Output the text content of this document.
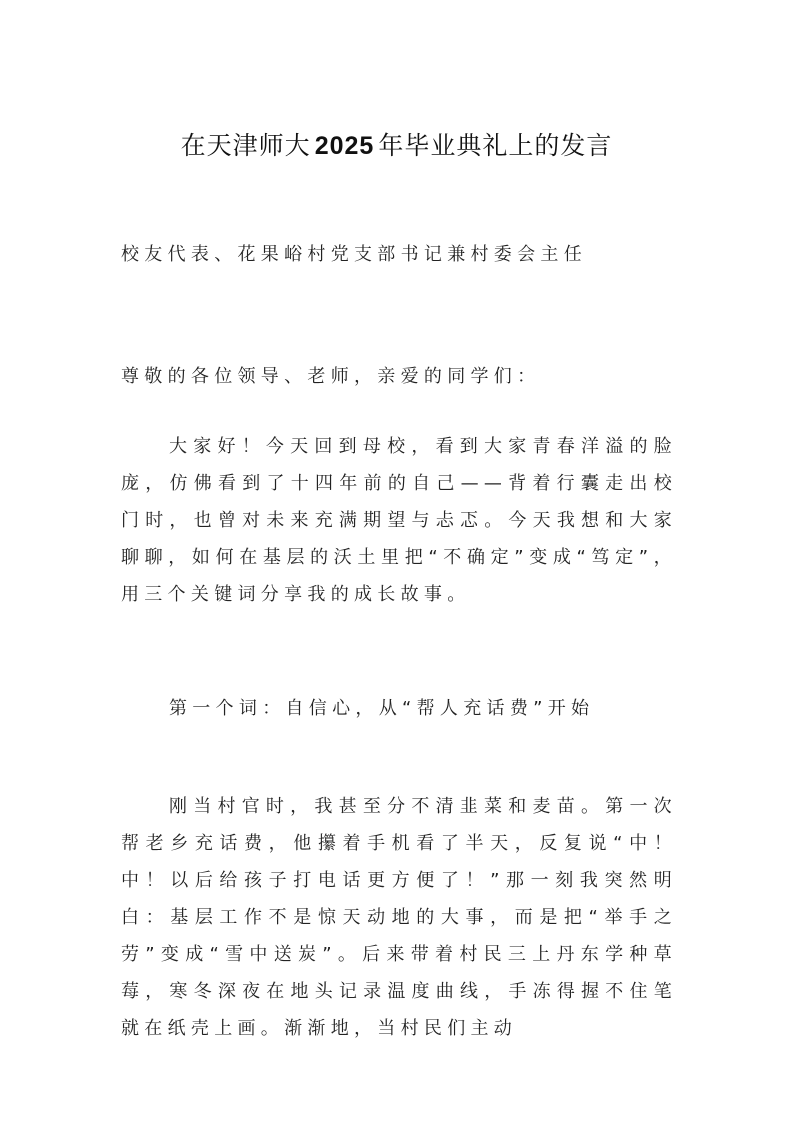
在天津师大 2025 年毕业典礼上的发言
校友代表、花果峪村党支部书记兼村委会主任
尊敬的各位领导、老师，亲爱的同学们：
大家好！今天回到母校，看到大家青春洋溢的脸庞，仿佛看到了十四年前的自己——背着行囊走出校门时，也曾对未来充满期望与忐忑。今天我想和大家聊聊，如何在基层的沃土里把“不确定”变成“笃定”，用三个关键词分享我的成长故事。
第一个词：自信心，从“帮人充话费”开始
刚当村官时，我甚至分不清韭菜和麦苗。第一次帮老乡充话费，他攥着手机看了半天，反复说“中！中！以后给孩子打电话更方便了！”那一刻我突然明白：基层工作不是惊天动地的大事，而是把“举手之劳”变成“雪中送炭”。后来带着村民三上丹东学种草莓，寒冬深夜在地头记录温度曲线，手冻得握不住笔就在纸壳上画。渐渐地，当村民们主动
